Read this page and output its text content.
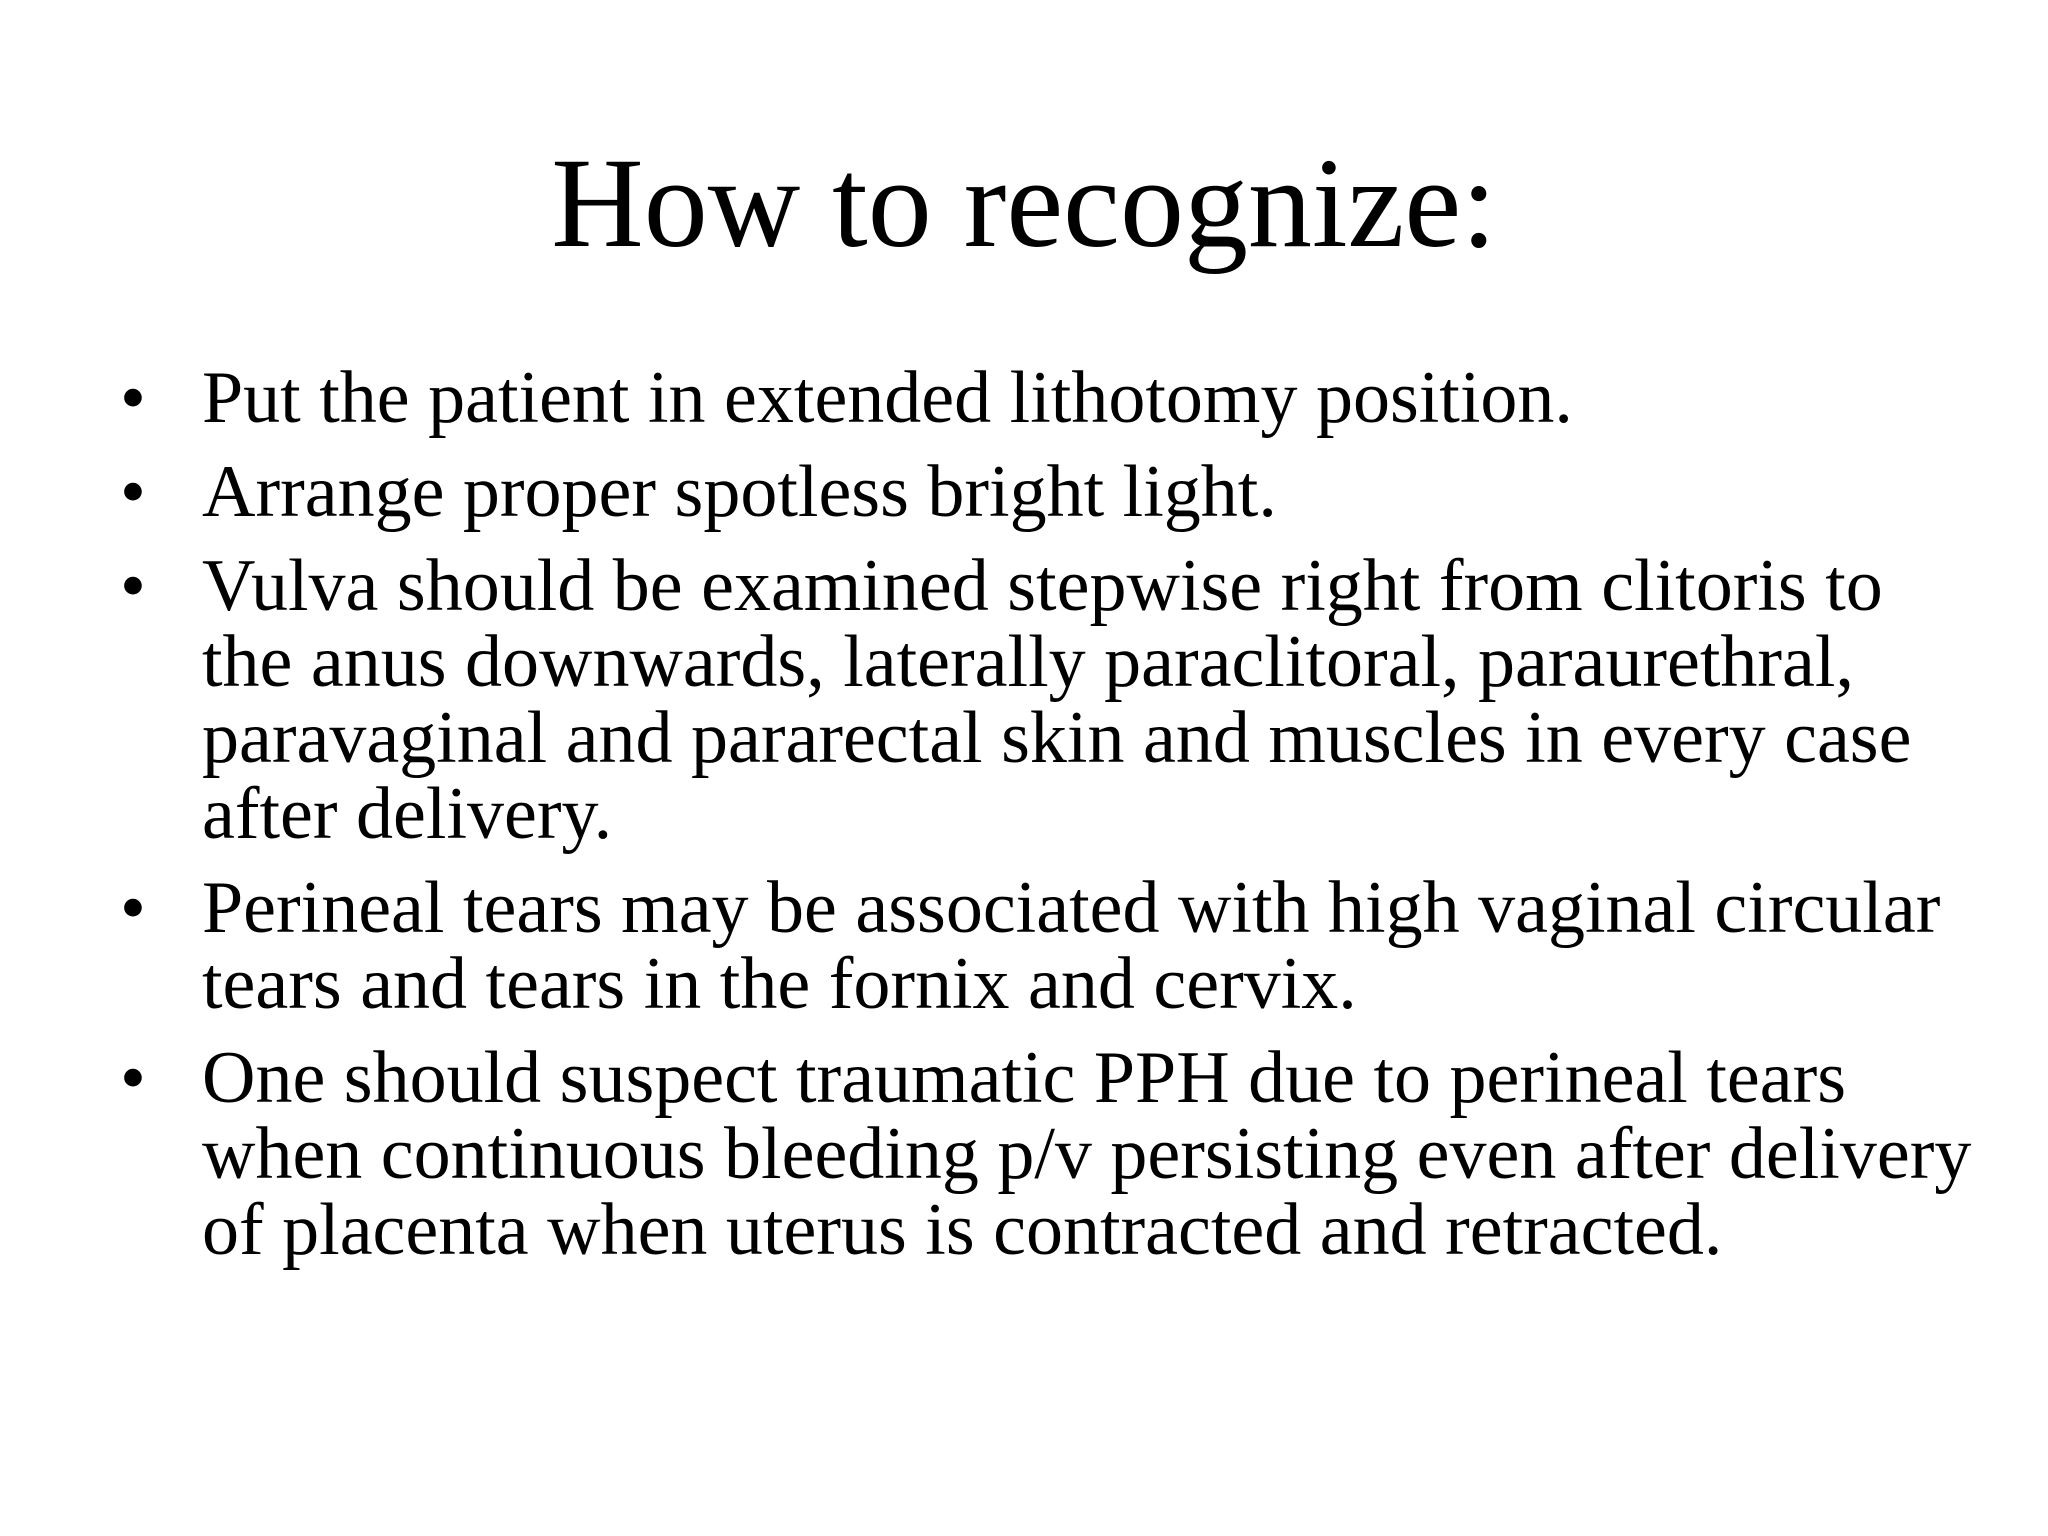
How to recognize:
• Put the patient in extended lithotomy position.
• Arrange proper spotless bright light.
• Vulva should be examined stepwise right from clitoris to the anus downwards, laterally paraclitoral, paraurethral, paravaginal and pararectal skin and muscles in every case after delivery.
• Perineal tears may be associated with high vaginal circular tears and tears in the fornix and cervix.
• One should suspect traumatic PPH due to perineal tears when continuous bleeding p/v persisting even after delivery of placenta when uterus is contracted and retracted.
